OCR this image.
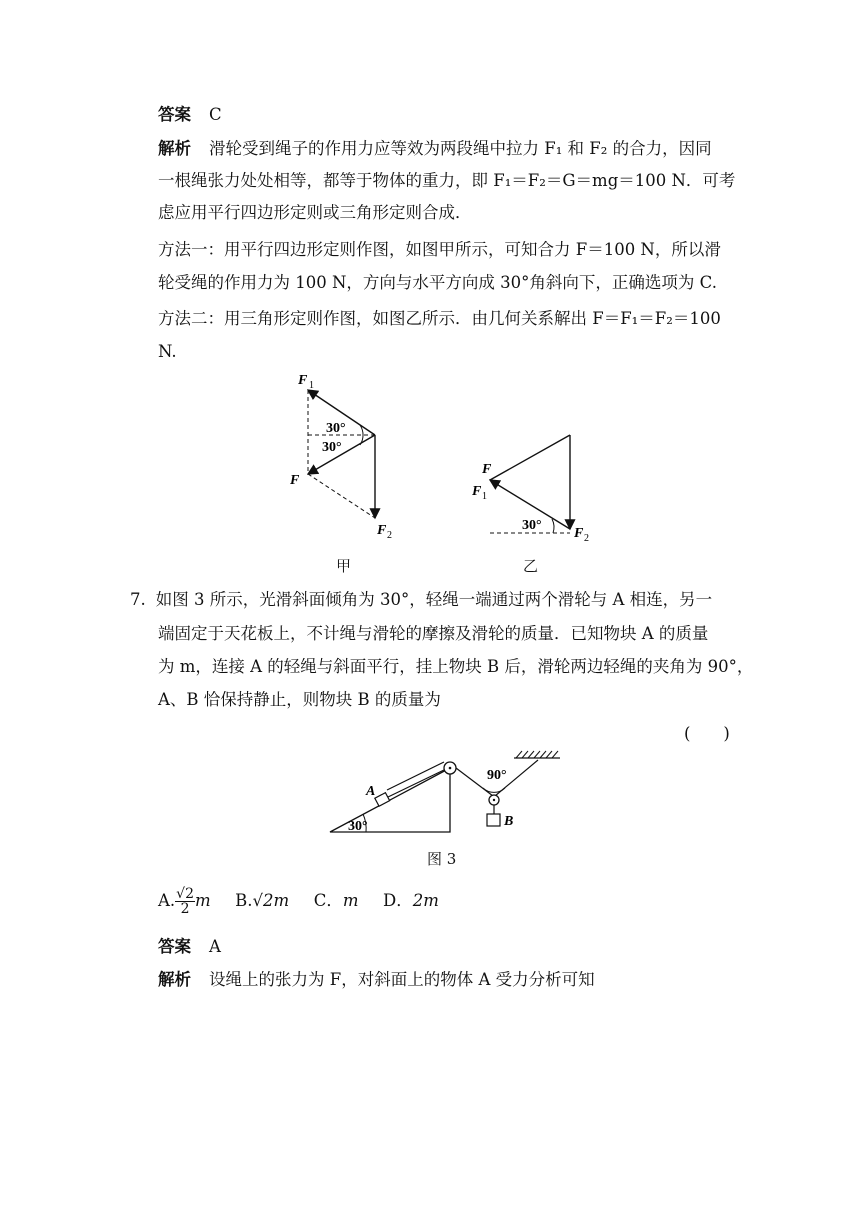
答案 C
解析 滑轮受到绳子的作用力应等效为两段绳中拉力 F₁ 和 F₂ 的合力，因同
一根绳张力处处相等，都等于物体的重力，即 F₁＝F₂＝G＝mg＝100 N．可考
虑应用平行四边形定则或三角形定则合成．
方法一：用平行四边形定则作图，如图甲所示，可知合力 F＝100 N，所以滑
轮受绳的作用力为 100 N，方向与水平方向成 30°角斜向下，正确选项为 C.
方法二：用三角形定则作图，如图乙所示．由几何关系解出 F＝F₁＝F₂＝100
N.
F 1
30°
30°
F
F 2
甲
F
F 1
30°
F 2
乙
7. 如图 3 所示，光滑斜面倾角为 30°，轻绳一端通过两个滑轮与 A 相连，另一
端固定于天花板上，不计绳与滑轮的摩擦及滑轮的质量．已知物块 A 的质量
为 m，连接 A 的轻绳与斜面平行，挂上物块 B 后，滑轮两边轻绳的夹角为 90°，
A、B 恰保持静止，则物块 B 的质量为
(　　)
30°
90°
A
B
图 3
A. $\frac{√2}{2}$ m B.√2m C．m D．2m
答案 A
解析 设绳上的张力为 F，对斜面上的物体 A 受力分析可知
